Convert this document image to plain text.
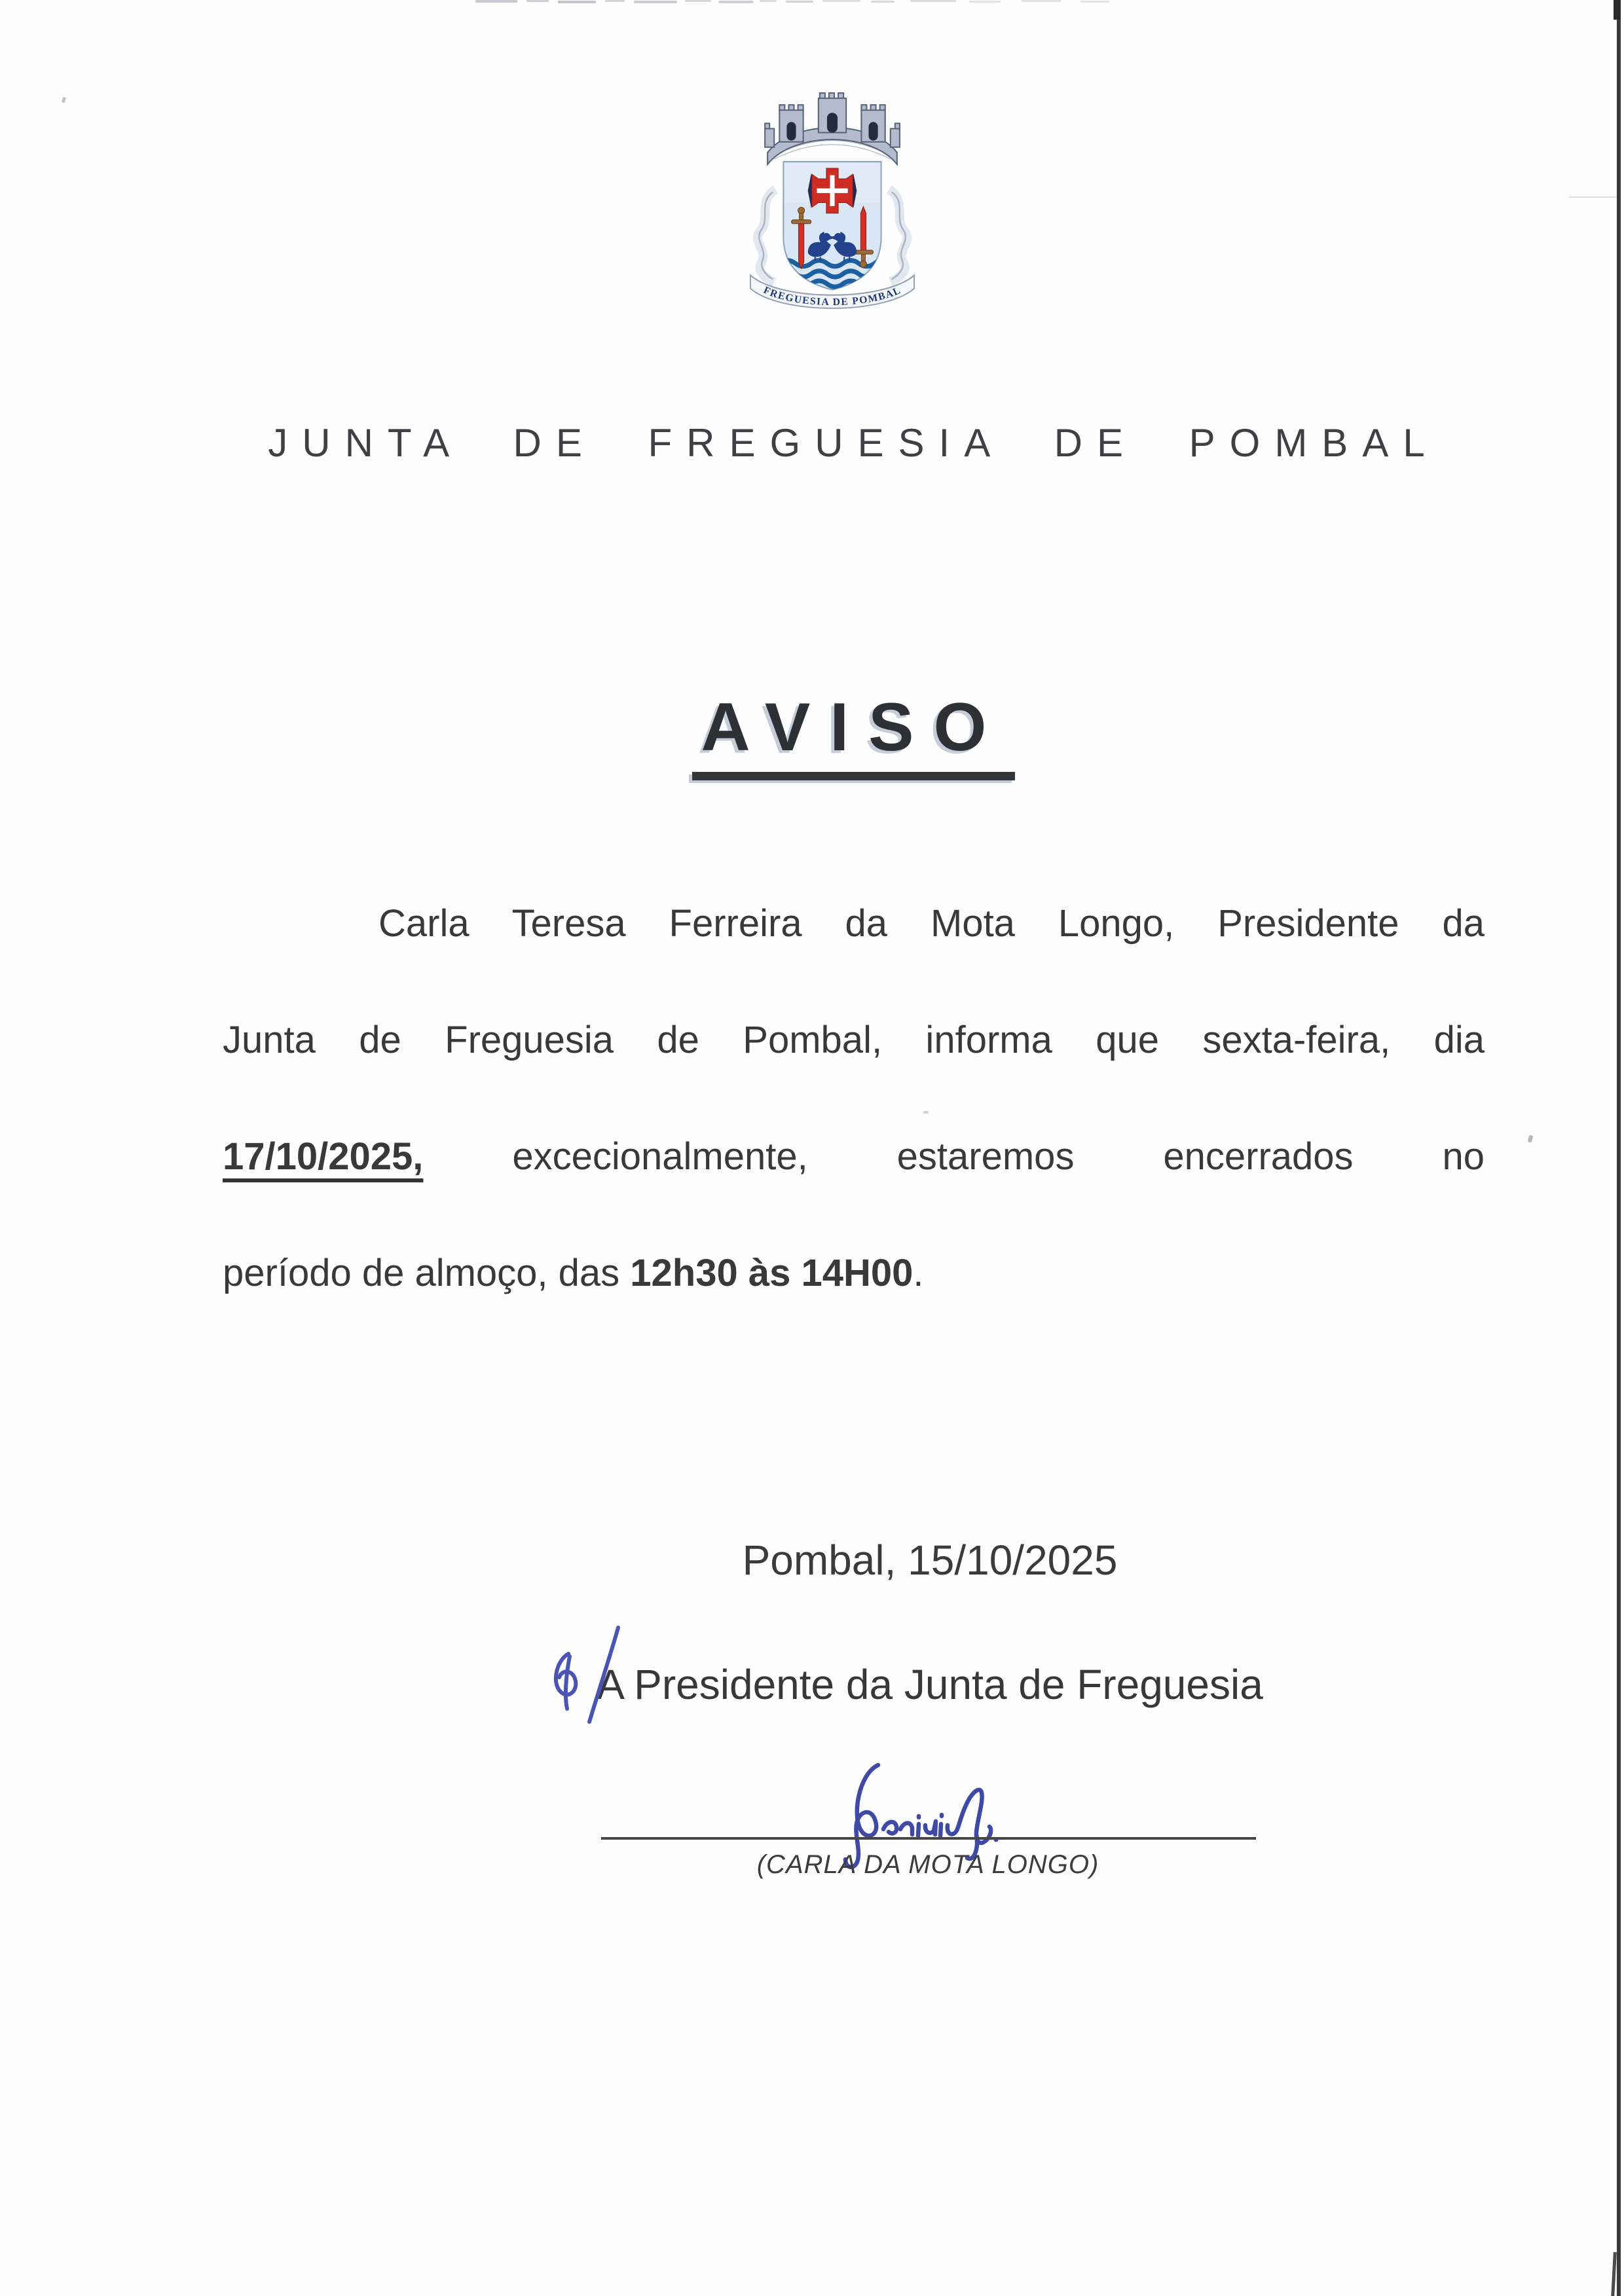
FREGUESIA DE POMBAL
JUNTA DE FREGUESIA DE POMBAL
AVISO
Carla Teresa Ferreira da Mota Longo, Presidente da
Junta de Freguesia de Pombal, informa que sexta-feira, dia
17/10/2025, excecionalmente, estaremos encerrados no
período de almoço, das 12h30 às 14H00.
Pombal, 15/10/2025
A Presidente da Junta de Freguesia
(CARLA DA MOTA LONGO)
